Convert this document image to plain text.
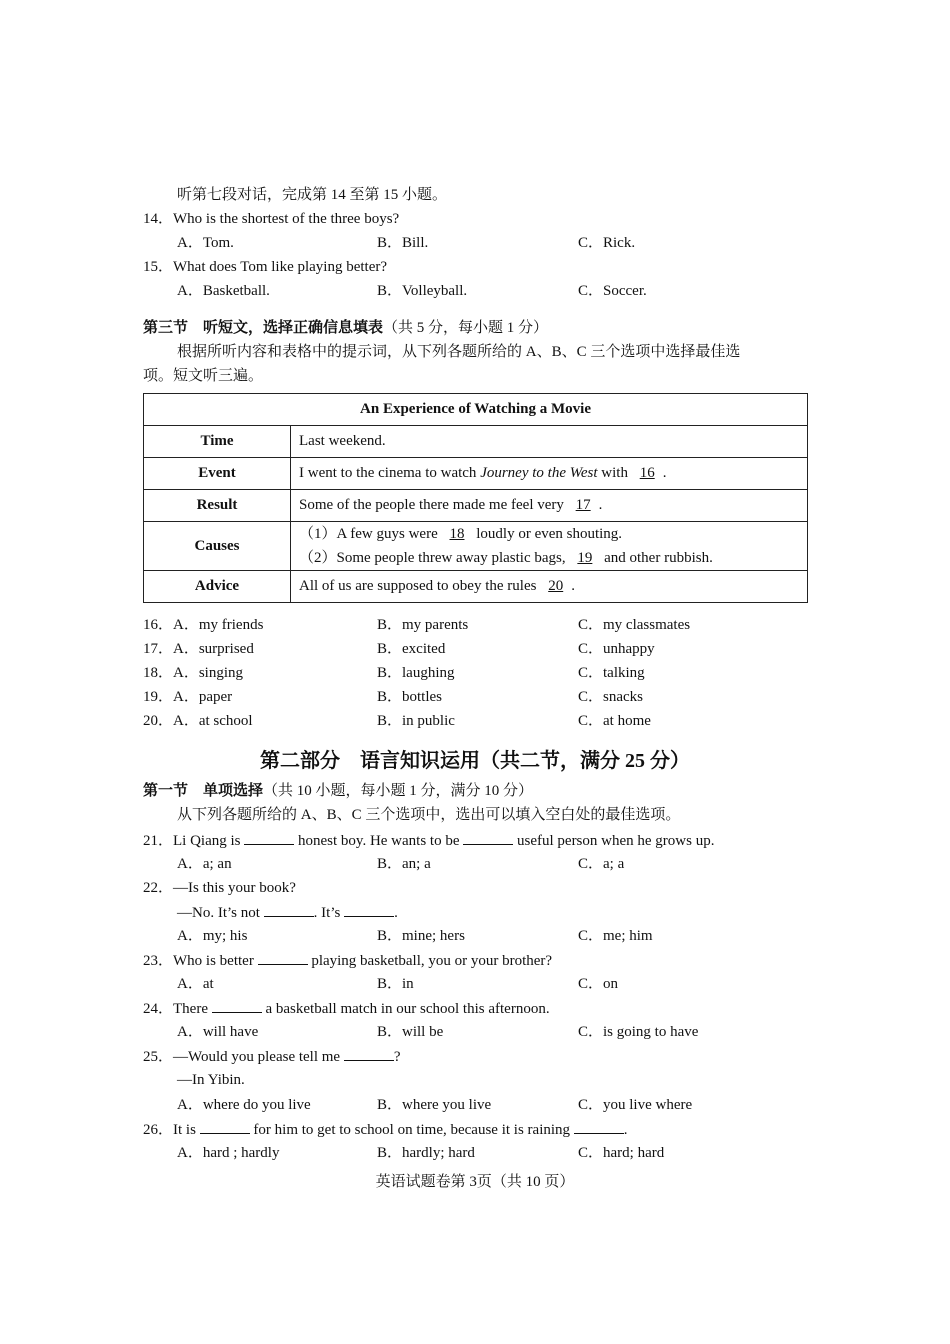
听第七段对话，完成第 14 至第 15 小题。
14．Who is the shortest of the three boys?
A．Tom.	B．Bill.	C．Rick.
15．What does Tom like playing better?
A．Basketball.	B．Volleyball.	C．Soccer.
第三节　听短文，选择正确信息填表（共 5 分，每小题 1 分）
根据所听内容和表格中的提示词，从下列各题所给的 A、B、C 三个选项中选择最佳选
项。短文听三遍。
An Experience of Watching a Movie	
Time	Last weekend.
Event	I went to the cinema to watch Journey to the West with 16 .
Result	Some of the people there made me feel very 17 .
Causes	（1）A few guys were 18 loudly or even shouting.
（2）Some people threw away plastic bags, 19 and other rubbish.

Advice	All of us are supposed to obey the rules 20 .
16．A．my friends	B．my parents	C．my classmates
17．A．surprised	B．excited	C．unhappy
18．A．singing	B．laughing	C．talking
19．A．paper	B．bottles	C．snacks
20．A．at school	B．in public	C．at home
第二部分　语言知识运用（共二节，满分 25 分）
第一节　单项选择（共 10 小题，每小题 1 分，满分 10 分）
从下列各题所给的 A、B、C 三个选项中，选出可以填入空白处的最佳选项。
21．Li Qiang is	honest boy. He wants to be	useful person when he grows up.
A．a; an	B．an; a	C．a; a
22．—Is this your book?
—No. It’s not	. It’s	.
A．my; his	B．mine; hers	C．me; him
23．Who is better	playing basketball, you or your brother?
A．at	B．in	C．on
24．There	a basketball match in our school this afternoon.
A．will have	B．will be	C．is going to have
25．—Would you please tell me	?
—In Yibin.
A．where do you live	B．where you live	C．you live where
26．It is	for him to get to school on time, because it is raining	.
A．hard ; hardly	B．hardly; hard	C．hard; hard
英语试题卷第 3页（共 10 页）
